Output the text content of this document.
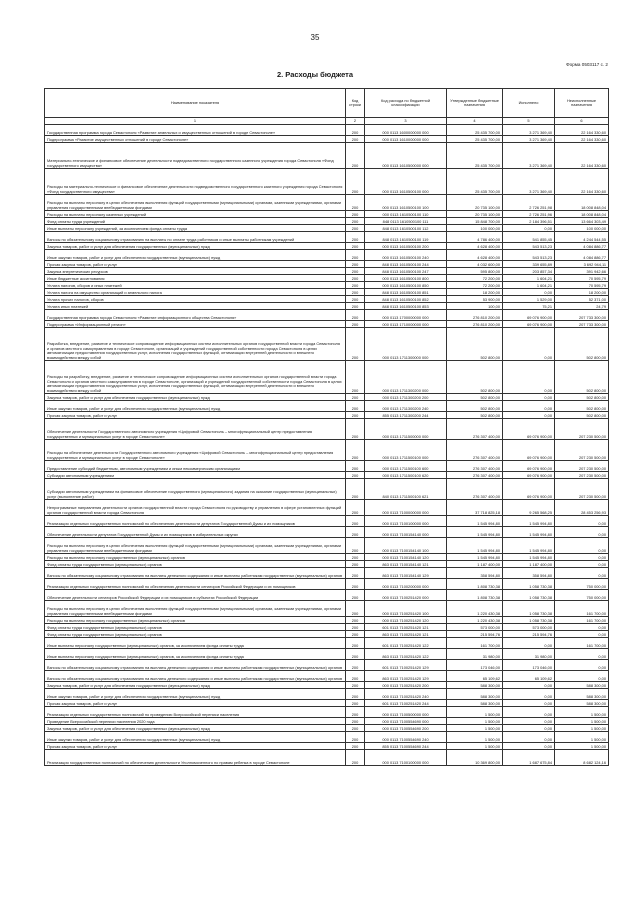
35
Форма 0503117 с. 2
2. Расходы бюджета
Наименование показателя	Код строки	Код расхода по бюджетной классификации	Утвержденные бюджетные назначения	Исполнено	Неисполненные назначения
1	2	3	4	5	6
Государственная программа города Севастополя «Развитие земельных и имущественных отношений в городе Севастополе»	200	000 0113 1600000000 000	25 435 700,00	3 271 369,40	22 164 330,60
Подпрограмма «Развитие имущественных отношений в городе Севастополе»	200	000 0113 1610000000 000	25 435 700,00	3 271 369,40	22 164 330,60
Материально-техническое и финансовое обеспечение деятельности подведомственного государственного казенного учреждения города Севастополя «Фонд государственного имущества»	200	000 0113 1610500000 000	25 435 700,00	3 271 369,40	22 164 330,60
Расходы на материально-техническое и финансовое обеспечение деятельности подведомственного государственного казенного учреждения города Севастополя «Фонд государственного имущества»	200	000 0113 1610500100 000	25 435 700,00	3 271 369,40	22 164 330,60
Расходы на выплаты персоналу в целях обеспечения выполнения функций государственными (муниципальными) органами, казенными учреждениями, органами управления государственными внебюджетными фондами	200	000 0113 1610500100 100	20 735 100,00	2 726 251,98	18 008 848,04
Расходы на выплаты персоналу казенных учреждений	200	000 0113 1610500100 110	20 735 100,00	2 726 251,96	18 008 848,04
Фонд оплаты труда учреждений	200	848 0113 1610500100 111	15 848 700,00	2 184 396,51	13 664 303,49
Иные выплаты персоналу учреждений, за исключением фонда оплаты труда	200	848 0113 1610500100 112	100 000,00	0,00	100 000,00
Взносы по обязательному социальному страхованию на выплаты по оплате труда работников и иные выплаты работникам учреждений	200	848 0113 1610500100 119	4 786 400,00	541 855,45	4 244 544,55
Закупка товаров, работ и услуг для обеспечения государственных (муниципальных) нужд	200	000 0113 1610500100 200	4 628 400,00	543 513,23	4 084 886,77
Иные закупки товаров, работ и услуг для обеспечения государственных (муниципальных) нужд	200	000 0113 1610500100 240	4 628 400,00	543 513,23	4 084 886,77
Прочая закупка товаров, работ и услуг	200	848 0113 1610500100 244	4 032 600,00	339 655,89	3 692 944,11
Закупка энергетических ресурсов	200	848 0113 1610500100 247	595 800,00	203 857,34	391 942,66
Иные бюджетные ассигнования	200	000 0113 1610500100 800	72 200,00	1 604,21	70 595,79
Уплата налогов, сборов и иных платежей	200	000 0113 1610500100 850	72 200,00	1 604,21	70 595,79
Уплата налога на имущество организаций и земельного налога	200	848 0113 1610500100 851	18 200,00	0,00	18 200,00
Уплата прочих налогов, сборов	200	848 0113 1610500100 852	53 900,00	1 529,00	52 371,00
Уплата иных платежей	200	848 0113 1610500100 853	100,00	75,21	24,79
Государственная программа города Севастополя «Развитие информационного общества Севастополя»	200	000 0113 1700000000 000	276 810 200,00	69 076 900,00	207 733 300,00
Подпрограмма «Информационный регион»	200	000 0113 1710000000 000	276 810 200,00	69 076 900,00	207 733 300,00
Разработка, внедрение, развитие и техническое сопровождение информационных систем исполнительных органов государственной власти города Севастополя и органов местного самоуправления в городе Севастополе, организаций и учреждений государственной собственности города Севастополя в целях автоматизации предоставления государственных услуг, исполнения государственных функций, оптимизации внутренней деятельности и внешнего взаимодействия между собой	200	000 0113 1711300000 000	502 800,00	0,00	502 800,00
Расходы на разработку, внедрение, развитие и техническое сопровождение информационных систем исполнительных органов государственной власти города Севастополя и органов местного самоуправления в городе Севастополе, организаций и учреждений государственной собственности города Севастополя в целях автоматизации предоставления государственных услуг, исполнения государственных функций, оптимизации внутренней деятельности и внешнего взаимодействия между собой	200	000 0113 1711300200 000	502 800,00	0,00	502 800,00
Закупка товаров, работ и услуг для обеспечения государственных (муниципальных) нужд	200	000 0113 1711300200 200	502 800,00	0,00	502 800,00
Иные закупки товаров, работ и услуг для обеспечения государственных (муниципальных) нужд	200	000 0113 1711300200 240	502 800,00	0,00	502 800,00
Прочая закупка товаров, работ и услуг	200	855 0113 1711300200 244	502 800,00	0,00	502 800,00
Обеспечение деятельности Государственного автономного учреждения «Цифровой Севастополь – многофункциональный центр предоставления государственных и муниципальных услуг в городе Севастополе»	200	000 0113 1711500000 000	276 307 400,00	69 076 900,00	207 230 500,00
Расходы на обеспечение деятельности Государственного автономного учреждения «Цифровой Севастополь – многофункциональный центр предоставления государственных и муниципальных услуг в городе Севастополе»	200	000 0113 1711500100 000	276 307 400,00	69 076 900,00	207 230 500,00
Предоставление субсидий бюджетным, автономным учреждениям и иным некоммерческим организациям	200	000 0113 1711500100 600	276 307 400,00	69 076 900,00	207 230 500,00
Субсидии автономным учреждениям	200	000 0113 1711500100 620	276 307 400,00	69 076 900,00	207 230 500,00
Субсидии автономным учреждениям на финансовое обеспечение государственного (муниципального) задания на оказание государственных (муниципальных) услуг (выполнение работ)	200	840 0113 1711500100 621	276 307 400,00	69 076 900,00	207 230 500,00
Непрограммные направления деятельности органов государственной власти города Севастополя по руководству и управлению в сфере установленных функций органов государственной власти города Севастополя	200	000 0113 7100000000 000	37 718 825,18	9 265 568,25	28 453 256,93
Реализация отдельных государственных полномочий по обеспечению деятельности депутатов Государственной Думы и их помощников	200	000 0113 7100100000 000	1 545 994,80	1 545 994,80	0,00
Обеспечение деятельности депутатов Государственной Думы и их помощников в избирательных округах	200	000 0113 7100154140 000	1 545 994,80	1 545 994,80	0,00
Расходы на выплаты персоналу в целях обеспечения выполнения функций государственными (муниципальными) органами, казенными учреждениями, органами управления государственными внебюджетными фондами	200	000 0113 7100154140 100	1 545 994,80	1 545 994,80	0,00
Расходы на выплаты персоналу государственных (муниципальных) органов	200	000 0113 7100154140 120	1 545 994,80	1 545 994,80	0,00
Фонд оплаты труда государственных (муниципальных) органов	200	863 0113 7100154140 121	1 187 400,00	1 187 400,00	0,00
Взносы по обязательному социальному страхованию на выплаты денежного содержания и иные выплаты работникам государственных (муниципальных) органов	200	863 0113 7100154140 129	358 594,80	358 594,80	0,00
Реализация отдельных государственных полномочий по обеспечению деятельности сенаторов Российской Федерации и их помощников	200	000 0113 7100200000 000	1 808 730,38	1 058 730,38	750 000,00
Обеспечение деятельности сенаторов Российской Федерации и их помощников в субъектах Российской Федерации	200	000 0113 7100251420 000	1 808 730,38	1 058 730,38	750 000,00
Расходы на выплаты персоналу в целях обеспечения выполнения функций государственными (муниципальными) органами, казенными учреждениями, органами управления государственными внебюджетными фондами	200	000 0113 7100251420 100	1 220 430,38	1 058 730,38	161 700,00
Расходы на выплаты персоналу государственных (муниципальных) органов	200	000 0113 7100251420 120	1 220 430,38	1 058 730,38	161 700,00
Фонд оплаты труда государственных (муниципальных) органов	200	601 0113 7100251420 121	573 000,00	573 000,00	0,00
Фонд оплаты труда государственных (муниципальных) органов	200	863 0113 7100251420 121	215 594,76	215 594,76	0,00
Иные выплаты персоналу государственных (муниципальных) органов, за исключением фонда оплаты труда	200	601 0113 7100251420 122	161 700,00	0,00	161 700,00
Иные выплаты персоналу государственных (муниципальных) органов, за исключением фонда оплаты труда	200	863 0113 7100251420 122	31 980,00	31 980,00	0,00
Взносы по обязательному социальному страхованию на выплаты денежного содержания и иные выплаты работникам государственных (муниципальных) органов	200	601 0113 7100251420 129	173 046,00	173 046,00	0,00
Взносы по обязательному социальному страхованию на выплаты денежного содержания и иные выплаты работникам государственных (муниципальных) органов	200	863 0113 7100251420 129	65 109,62	65 109,62	0,00
Закупка товаров, работ и услуг для обеспечения государственных (муниципальных) нужд	200	000 0113 7100251420 200	588 300,00	0,00	588 300,00
Иные закупки товаров, работ и услуг для обеспечения государственных (муниципальных) нужд	200	000 0113 7100251420 240	588 300,00	0,00	588 300,00
Прочая закупка товаров, работ и услуг	200	601 0113 7100251420 244	588 300,00	0,00	588 300,00
Реализация отдельных государственных полномочий по проведению Всероссийской переписи населения	200	000 0113 7100500000 000	1 500,00	0,00	1 500,00
Проведение Всероссийской переписи населения 2020 года	200	000 0113 7100554690 000	1 500,00	0,00	1 500,00
Закупка товаров, работ и услуг для обеспечения государственных (муниципальных) нужд	200	000 0113 7100554690 200	1 500,00	0,00	1 500,00
Иные закупки товаров, работ и услуг для обеспечения государственных (муниципальных) нужд	200	000 0113 7100554690 240	1 500,00	0,00	1 500,00
Прочая закупка товаров, работ и услуг	200	855 0113 7100554690 244	1 500,00	0,00	1 500,00
Реализация государственных полномочий по обеспечению деятельности Уполномоченного по правам ребенка в городе Севастополе	200	000 0113 7100100000 000	10 369 800,00	1 687 675,84	8 682 124,16
